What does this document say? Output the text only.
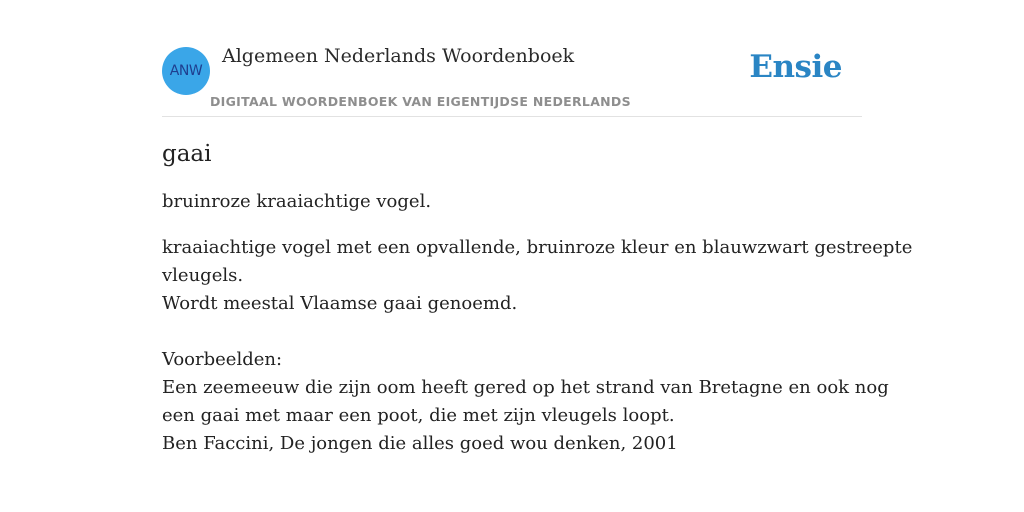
ANW
Algemeen Nederlands Woordenboek
DIGITAAL WOORDENBOEK VAN EIGENTIJDSE NEDERLANDS
Ensie
gaai

bruinroze kraaiachtige vogel.

kraaiachtige vogel met een opvallende, bruinroze kleur en blauwzwart gestreepte
vleugels.
Wordt meestal Vlaamse gaai genoemd.
Voorbeelden:
Een zeemeeuw die zijn oom heeft gered op het strand van Bretagne en ook nog
een gaai met maar een poot, die met zijn vleugels loopt.
Ben Faccini, De jongen die alles goed wou denken, 2001
